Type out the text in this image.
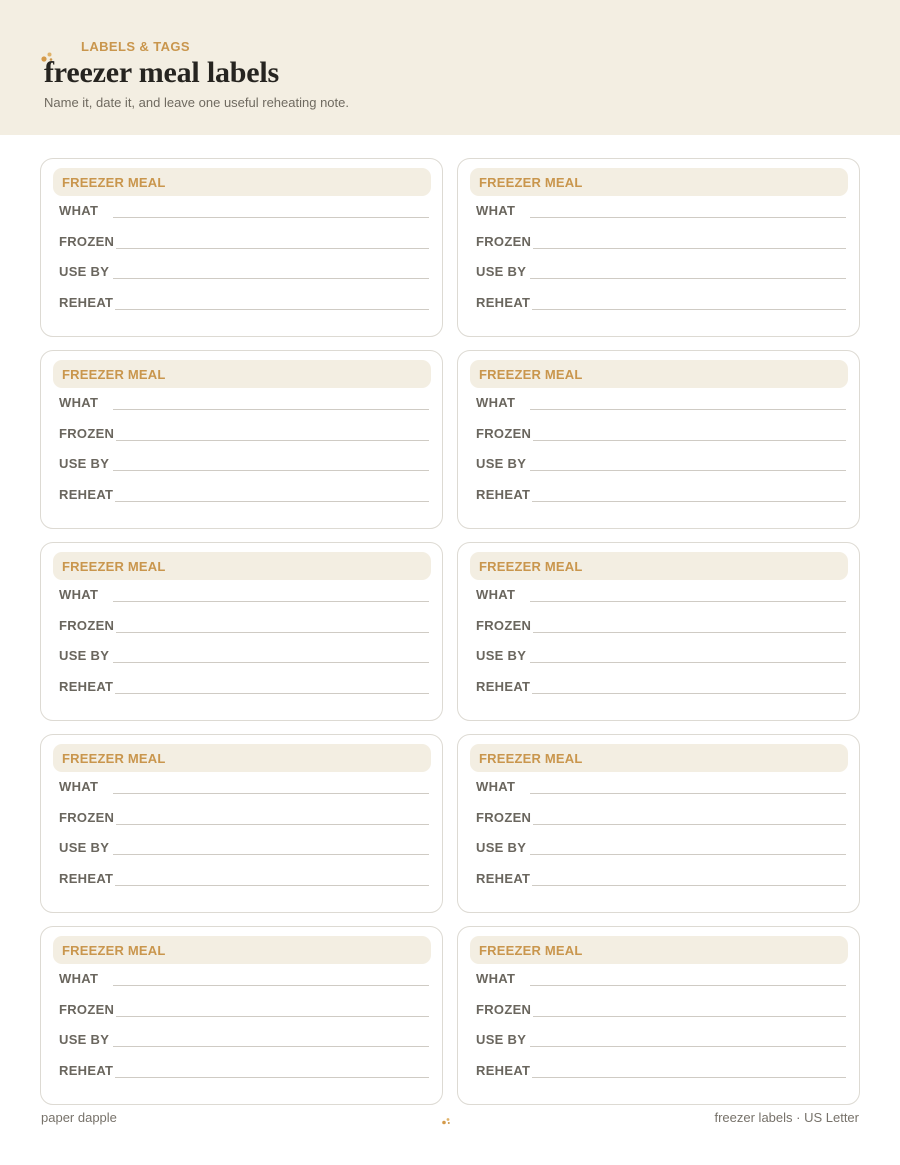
LABELS & TAGS
freezer meal labels
Name it, date it, and leave one useful reheating note.
FREEZER MEAL
WHAT
FROZEN
USE BY
REHEAT
FREEZER MEAL
WHAT
FROZEN
USE BY
REHEAT
FREEZER MEAL
WHAT
FROZEN
USE BY
REHEAT
FREEZER MEAL
WHAT
FROZEN
USE BY
REHEAT
FREEZER MEAL
WHAT
FROZEN
USE BY
REHEAT
FREEZER MEAL
WHAT
FROZEN
USE BY
REHEAT
FREEZER MEAL
WHAT
FROZEN
USE BY
REHEAT
FREEZER MEAL
WHAT
FROZEN
USE BY
REHEAT
FREEZER MEAL
WHAT
FROZEN
USE BY
REHEAT
FREEZER MEAL
WHAT
FROZEN
USE BY
REHEAT
paper dapple	freezer labels · US Letter
